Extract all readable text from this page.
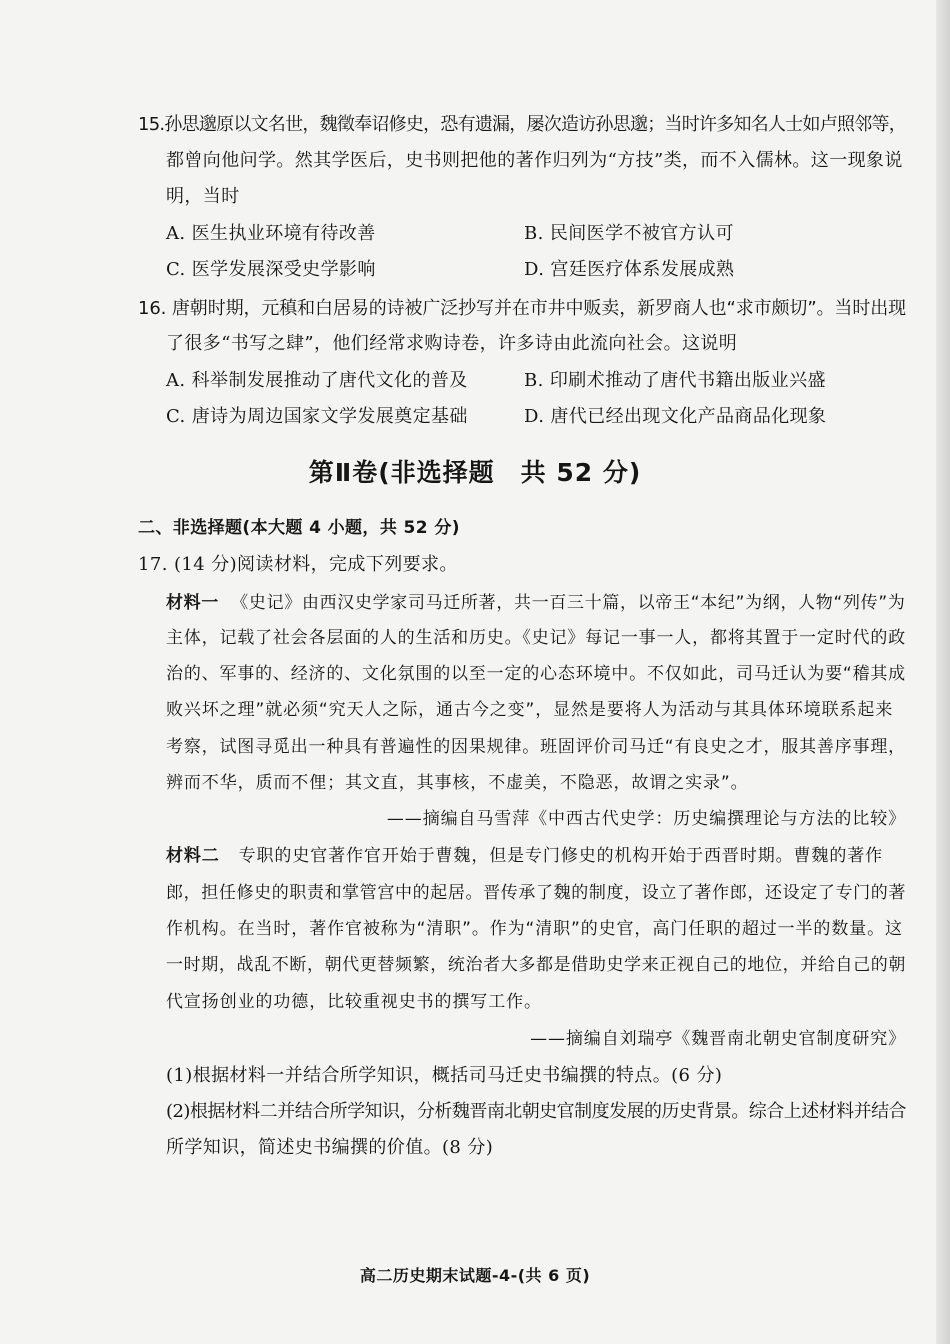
15.孙思邈原以文名世，魏徵奉诏修史，恐有遗漏，屡次造访孙思邈；当时许多知名人士如卢照邻等，
都曾向他问学。然其学医后，史书则把他的著作归列为“方技”类，而不入儒林。这一现象说
明，当时
A. 医生执业环境有待改善	B. 民间医学不被官方认可
C. 医学发展深受史学影响	D. 宫廷医疗体系发展成熟
16. 唐朝时期，元稹和白居易的诗被广泛抄写并在市井中贩卖，新罗商人也“求市颇切”。当时出现
了很多“书写之肆”，他们经常求购诗卷，许多诗由此流向社会。这说明
A. 科举制发展推动了唐代文化的普及	B. 印刷术推动了唐代书籍出版业兴盛
C. 唐诗为周边国家文学发展奠定基础	D. 唐代已经出现文化产品商品化现象
第Ⅱ卷(非选择题　共 52 分)
二、非选择题(本大题 4 小题，共 52 分)
17. (14 分)阅读材料，完成下列要求。
材料一 《史记》由西汉史学家司马迁所著，共一百三十篇，以帝王“本纪”为纲，人物“列传”为
主体，记载了社会各层面的人的生活和历史。《史记》每记一事一人，都将其置于一定时代的政
治的、军事的、经济的、文化氛围的以至一定的心态环境中。不仅如此，司马迁认为要“稽其成
败兴坏之理”就必须“究天人之际，通古今之变”，显然是要将人为活动与其具体环境联系起来
考察，试图寻觅出一种具有普遍性的因果规律。班固评价司马迁“有良史之才，服其善序事理，
辨而不华，质而不俚；其文直，其事核，不虚美，不隐恶，故谓之实录”。
——摘编自马雪萍《中西古代史学：历史编撰理论与方法的比较》
材料二 专职的史官著作官开始于曹魏，但是专门修史的机构开始于西晋时期。曹魏的著作
郎，担任修史的职责和掌管宫中的起居。晋传承了魏的制度，设立了著作郎，还设定了专门的著
作机构。在当时，著作官被称为“清职”。作为“清职”的史官，高门任职的超过一半的数量。这
一时期，战乱不断，朝代更替频繁，统治者大多都是借助史学来正视自己的地位，并给自己的朝
代宣扬创业的功德，比较重视史书的撰写工作。
——摘编自刘瑞亭《魏晋南北朝史官制度研究》
(1)根据材料一并结合所学知识，概括司马迁史书编撰的特点。(6 分)
(2)根据材料二并结合所学知识，分析魏晋南北朝史官制度发展的历史背景。综合上述材料并结合
所学知识，简述史书编撰的价值。(8 分)
高二历史期末试题-4-(共 6 页)
